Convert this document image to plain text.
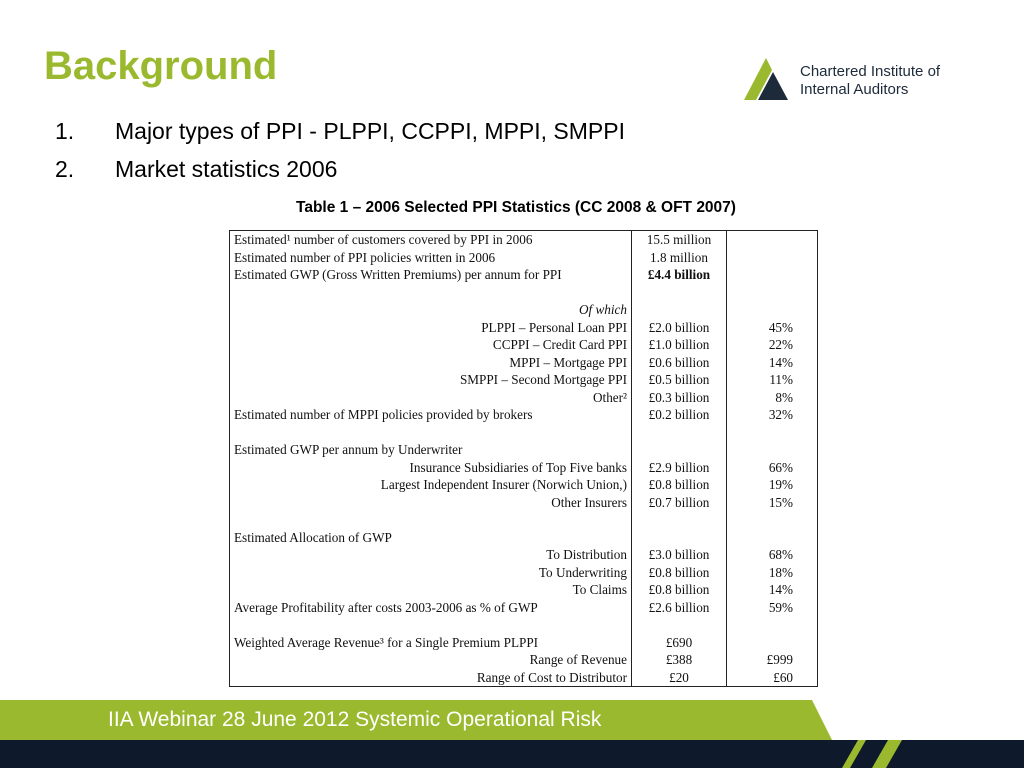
Background	Chartered Institute of
Internal Auditors
1.	Major types of PPI - PLPPI, CCPPI, MPPI, SMPPI
2.	Market statistics 2006
Table 1 – 2006 Selected PPI Statistics (CC 2008 & OFT 2007)
Estimated¹ number of customers covered by PPI in 2006	15.5 million	
Estimated number of PPI policies written in 2006	1.8 million	
Estimated GWP (Gross Written Premiums) per annum for PPI	£4.4 billion	
Of which		
PLPPI – Personal Loan PPI	£2.0 billion	45%
CCPPI – Credit Card PPI	£1.0 billion	22%
MPPI – Mortgage PPI	£0.6 billion	14%
SMPPI – Second Mortgage PPI	£0.5 billion	11%
Other²	£0.3 billion	8%
Estimated number of MPPI policies provided by brokers	£0.2 billion	32%

Estimated GWP per annum by Underwriter		
Insurance Subsidiaries of Top Five banks	£2.9 billion	66%
Largest Independent Insurer (Norwich Union,)	£0.8 billion	19%
Other Insurers	£0.7 billion	15%

Estimated Allocation of GWP		
To Distribution	£3.0 billion	68%
To Underwriting	£0.8 billion	18%
To Claims	£0.8 billion	14%
Average Profitability after costs 2003-2006 as % of GWP	£2.6 billion	59%

Weighted Average Revenue³ for a Single Premium PLPPI	£690	
Range of Revenue	£388	£999
Range of Cost to Distributor	£20	£60
IIA Webinar 28 June 2012 Systemic Operational Risk
